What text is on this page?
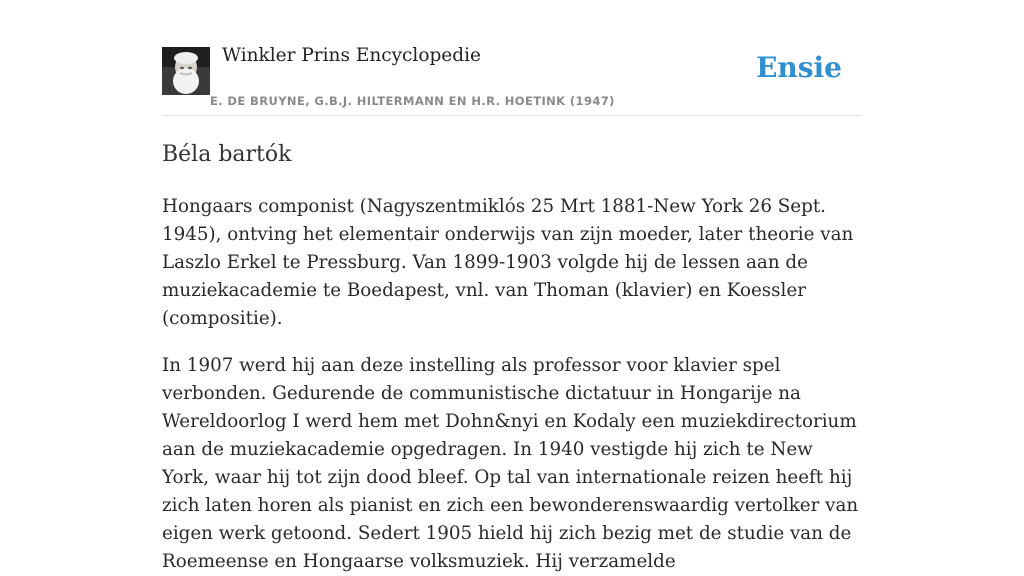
Winkler Prins Encyclopedie
E. DE BRUYNE, G.B.J. HILTERMANN EN H.R. HOETINK (1947)
Ensie
Béla bartók

Hongaars componist (Nagyszentmiklós 25 Mrt 1881-New York 26 Sept. 1945), ontving het elementair onderwijs van zijn moeder, later theorie van Laszlo Erkel te Pressburg. Van 1899-1903 volgde hij de lessen aan de muziekacademie te Boedapest, vnl. van Thoman (klavier) en Koessler (compositie).

In 1907 werd hij aan deze instelling als professor voor klavier spel verbonden. Gedurende de communistische dictatuur in Hongarije na Wereldoorlog I werd hem met Dohn&nyi en Kodaly een muziekdirectorium aan de muziekacademie opgedragen. In 1940 vestigde hij zich te New York, waar hij tot zijn dood bleef. Op tal van internationale reizen heeft hij zich laten horen als pianist en zich een bewonderenswaardig vertolker van eigen werk getoond. Sedert 1905 hield hij zich bezig met de studie van de Roemeense en Hongaarse volksmuziek. Hij verzamelde
